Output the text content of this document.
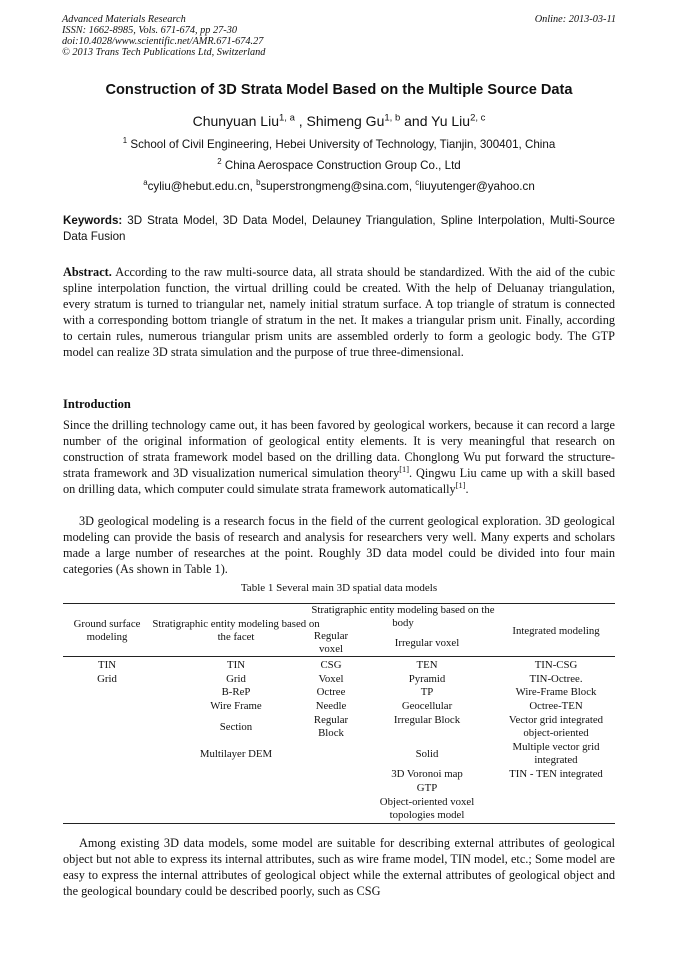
Advanced Materials Research	Online: 2013-03-11
ISSN: 1662-8985, Vols. 671-674, pp 27-30
doi:10.4028/www.scientific.net/AMR.671-674.27
© 2013 Trans Tech Publications Ltd, Switzerland
Construction of 3D Strata Model Based on the Multiple Source Data
Chunyuan Liu$^{1, a}$ , Shimeng Gu$^{1, b}$ and Yu Liu$^{2, c}$
$^1$ School of Civil Engineering, Hebei University of Technology, Tianjin, 300401, China
$^2$ China Aerospace Construction Group Co., Ltd
$^a$cyliu@hebut.edu.cn, $^b$superstrongmeng@sina.com, $^c$liuyutenger@yahoo.cn
Keywords: 3D Strata Model, 3D Data Model, Delauney Triangulation, Spline Interpolation, Multi-Source Data Fusion
Abstract. According to the raw multi-source data, all strata should be standardized. With the aid of the cubic spline interpolation function, the virtual drilling could be created. With the help of Deluanay triangulation, every stratum is turned to triangular net, namely initial stratum surface. A top triangle of stratum is connected with a corresponding bottom triangle of stratum in the net. It makes a triangular prism unit. Finally, according to certain rules, numerous triangular prism units are assembled orderly to form a geologic body. The GTP model can realize 3D strata simulation and the purpose of true three-dimensional.
Introduction
Since the drilling technology came out, it has been favored by geological workers, because it can record a large number of the original information of geological entity elements. It is very meaningful that research on construction of strata framework model based on the drilling data. Chonglong Wu put forward the structure-strata framework and 3D visualization numerical simulation theory[1]. Qingwu Liu came up with a skill based on drilling data, which computer could simulate strata framework automatically[1].
3D geological modeling is a research focus in the field of the current geological exploration. 3D geological modeling can provide the basis of research and analysis for researchers very well. Many experts and scholars made a large number of researches at the point. Roughly 3D data model could be divided into four main categories (As shown in Table 1).
Table 1 Several main 3D spatial data models
Ground surface modeling
Stratigraphic entity modeling based on the facet
Stratigraphic entity modeling based on the body
Regular voxel	Irregular voxel
Integrated modeling
TIN
Grid
TIN
Grid
B-ReP
Wire Frame
Section
Multilayer DEM
CSG
Voxel
Octree
Needle
Regular Block
TEN
Pyramid
TP
Geocellular
Irregular Block
Solid
3D Voronoi map
GTP
Object-oriented voxel topologies model
TIN-CSG
TIN-Octree.
Wire-Frame Block
Octree-TEN
Vector grid integrated object-oriented
Multiple vector grid integrated
TIN - TEN integrated
Among existing 3D data models, some model are suitable for describing external attributes of geological object but not able to express its internal attributes, such as wire frame model, TIN model, etc.; Some model are easy to express the internal attributes of geological object while the external attributes of geological object and the geological boundary could be described poorly, such as CSG
